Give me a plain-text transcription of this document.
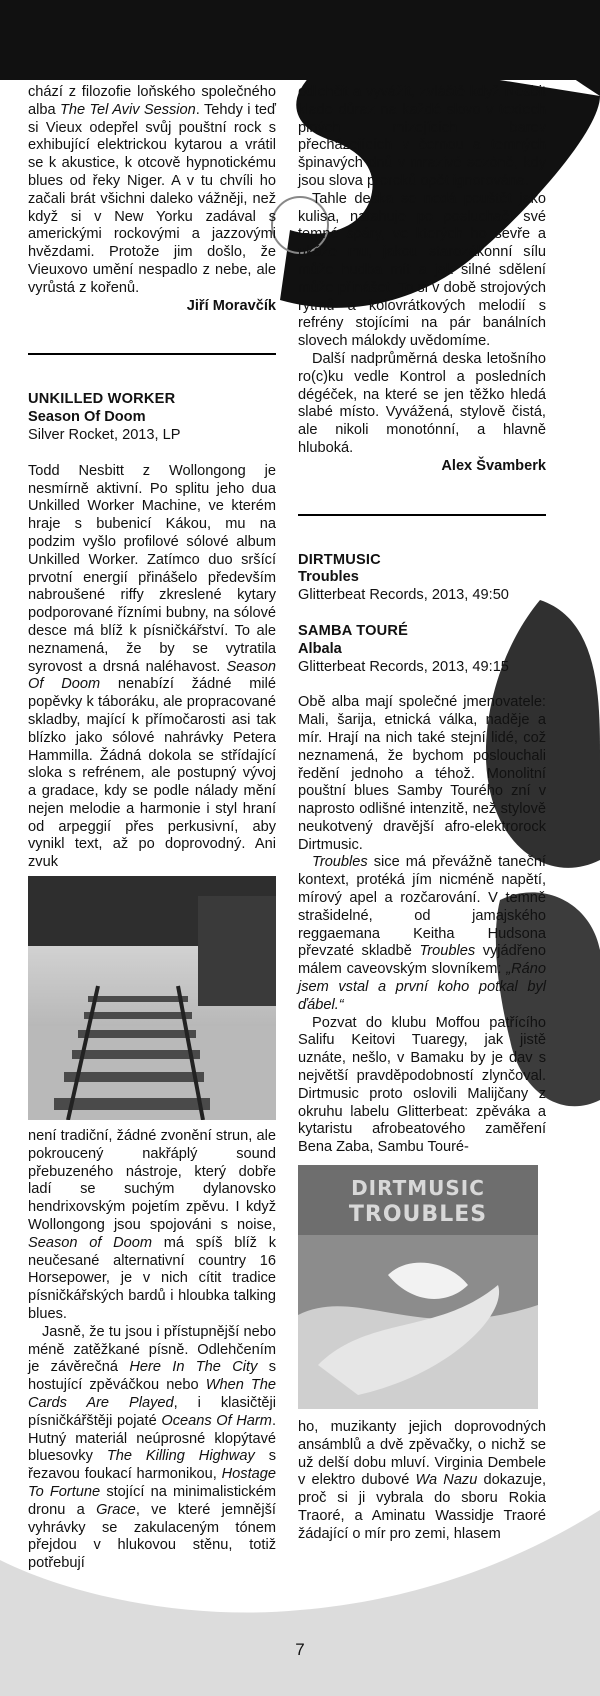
chází z filozofie loňského společného alba The Tel Aviv Session. Tehdy i teď si Vieux odepřel svůj pouštní rock s exhibující elektrickou kytarou a vrátil se k akustice, k otcově hypnotickému blues od řeky Niger. A v tu chvíli ho začali brát všichni daleko vážněji, než když si v New Yorku zadával s americkými rockovými a jazzovými hvězdami. Protože jim došlo, že Vieuxovo umění nespadlo z nebe, ale vyrůstá z kořenů.

Jiří Moravčík

UNKILLED WORKER

Season Of Doom

Silver Rocket, 2013, LP

Todd Nesbitt z Wollongong je nesmírně aktivní. Po splitu jeho dua Unkilled Worker Machine, ve kterém hraje s bubenicí Kákou, mu na podzim vyšlo profilové sólové album Unkilled Worker. Zatímco duo sršící prvotní energií přinášelo především nabroušené riffy zkreslené kytary podporované řízními bubny, na sólové desce má blíž k písničkářství. To ale neznamená, že by se vytratila syrovost a drsná naléhavost. Season Of Doom nenabízí žádné milé popěvky k táboráku, ale propracované skladby, mající k přímočarosti asi tak blízko jako sólové nahrávky Petera Hammilla. Žádná dokola se střídající sloka s refrénem, ale postupný vývoj a gradace, kdy se podle nálady mění nejen melodie a harmonie i styl hraní od arpeggií přes perkusivní, aby vynikl text, až po doprovodný. Ani zvuk

není tradiční, žádné zvonění strun, ale pokroucený nakřáplý sound přebuzeného nástroje, který dobře ladí se suchým dylanovsko hendrixovským pojetím zpěvu. I když Wollongong jsou spojováni s noise, Season of Doom má spíš blíž k neučesané alternativní country 16 Horsepower, je v nich cítit tradice písničkářských bardů i hloubka talking blues.

Jasně, že tu jsou i přístupnější nebo méně zatěžkané písně. Odlehčením je závěrečná Here In The City s hostující zpěváčkou nebo When The Cards Are Played, i klasičtěji písničkářštěji pojaté Oceans Of Harm. Hutný materiál neúprosné klopýtavé bluesovky The Killing Highway s řezavou foukací harmonikou, Hostage To Fortune stojící na minimalistickém dronu a Grace, ve které jemnější vyhrávky se zakulaceným tónem přejdou v hlukovou stěnu, totiž potřebují

odlehčit a vyvážit, zvláště když Nesbit klade důraz na každé slovo v textech plných mizejících barev přecházejících v černou a temných špinavých dnů v mrazivé sezóně, kdy jsou slova proroků opět ignorována.

Tahle deska se nedá pouštět jako kulisa, natahuje po posluchači své temné spáry, ve kterých ho sevře a ukáže mu, jakou starozákonní sílu může hudba mít a jak silné sdělení může přinášet. To si v době strojových rytmů a kolovrátkových melodií s refrény stojícími na pár banálních slovech málokdy uvědomíme.

Další nadprůměrná deska letošního ro(c)ku vedle Kontrol a posledních dégéček, na které se jen těžko hledá slabé místo. Vyvážená, stylově čistá, ale nikoli monotónní, a hlavně hluboká.

Alex Švamberk

DIRTMUSIC

Troubles

Glitterbeat Records, 2013, 49:50

SAMBA TOURÉ

Albala

Glitterbeat Records, 2013, 49:15

Obě alba mají společné jmenovatele: Mali, šarija, etnická válka, naděje a mír. Hrají na nich také stejní lidé, což neznamená, že bychom poslouchali ředění jednoho a téhož. Monolitní pouštní blues Samby Tourého zní v naprosto odlišné intenzitě, než stylově neukotvený dravější afro-elektrorock Dirtmusic.

Troubles sice má převážně taneční kontext, protéká jím nicméně napětí, mírový apel a rozčarování. V temně strašidelné, od jamajského reggaemana Keitha Hudsona převzaté skladbě Troubles vyjádřeno málem caveovským slovníkem: „Ráno jsem vstal a první koho potkal byl ďábel.“

Pozvat do klubu Moffou patřícího Salifu Keitovi Tuaregy, jak jistě uznáte, nešlo, v Bamaku by je dav s největší pravděpodobností zlynčoval. Dirtmusic proto oslovili Malijčany z okruhu labelu Glitterbeat: zpěváka a kytaristu afrobeatového zaměření Bena Zaba, Sambu Touré-

DIRTMUSIC
TROUBLES

ho, muzikanty jejich doprovodných ansámblů a dvě zpěvačky, o nichž se už delší dobu mluví. Virginia Dembele v elektro dubové Wa Nazu dokazuje, proč si ji vybrala do sboru Rokia Traoré, a Aminatu Wassidje Traoré žádající o mír pro zemi, hlasem

7
